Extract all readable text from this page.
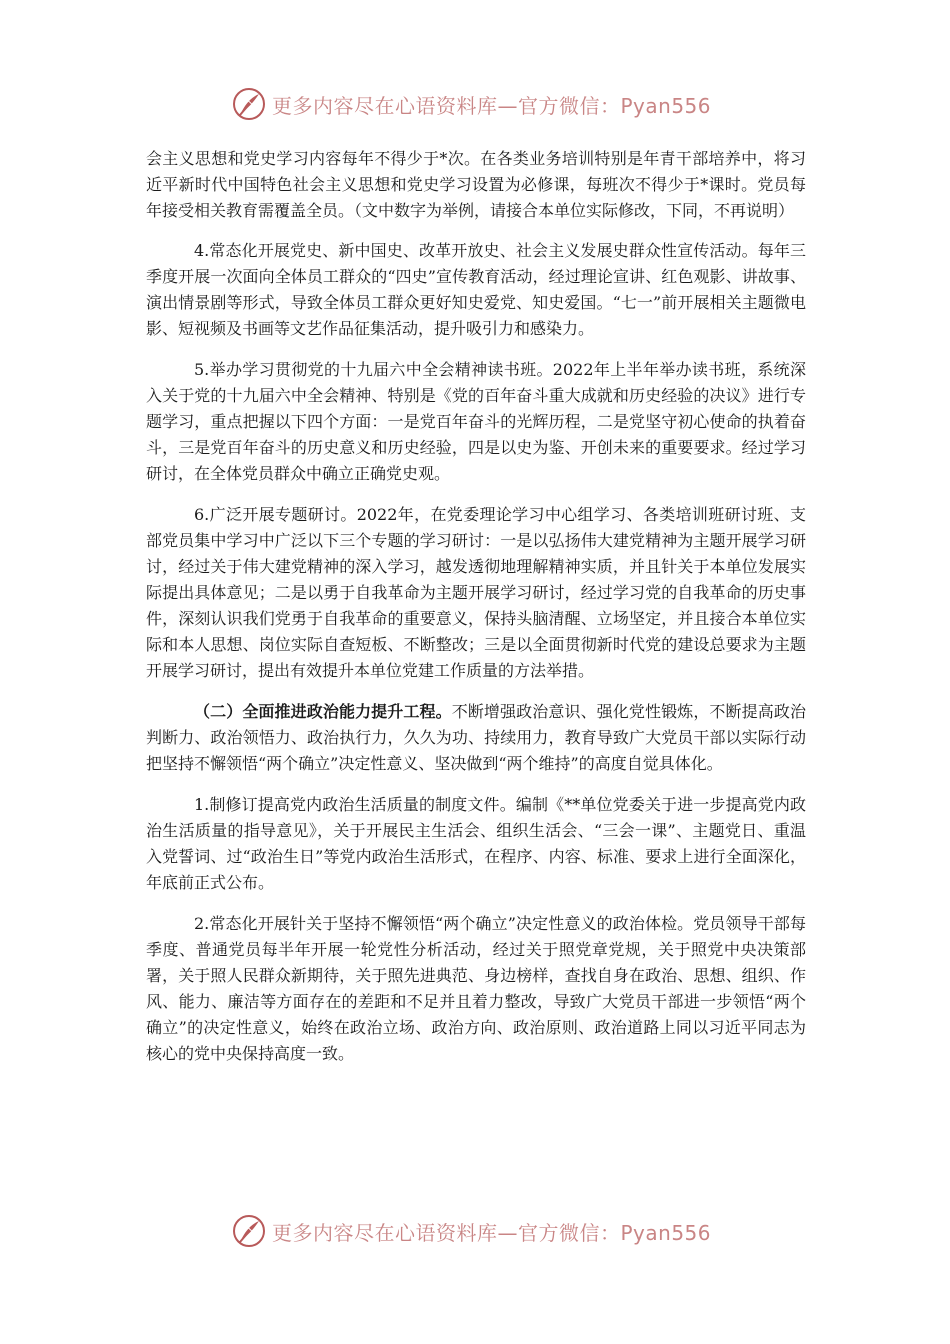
更多内容尽在心语资料库—官方微信：Pyan556

会主义思想和党史学习内容每年不得少于*次。在各类业务培训特别是年青干部培养中，将习近平新时代中国特色社会主义思想和党史学习设置为必修课，每班次不得少于*课时。党员每年接受相关教育需覆盖全员。（文中数字为举例，请接合本单位实际修改，下同，不再说明）

4.常态化开展党史、新中国史、改革开放史、社会主义发展史群众性宣传活动。每年三季度开展一次面向全体员工群众的“四史”宣传教育活动，经过理论宣讲、红色观影、讲故事、演出情景剧等形式，导致全体员工群众更好知史爱党、知史爱国。“七一”前开展相关主题微电影、短视频及书画等文艺作品征集活动，提升吸引力和感染力。

5.举办学习贯彻党的十九届六中全会精神读书班。2022年上半年举办读书班，系统深入关于党的十九届六中全会精神、特别是《党的百年奋斗重大成就和历史经验的决议》进行专题学习，重点把握以下四个方面：一是党百年奋斗的光辉历程，二是党坚守初心使命的执着奋斗，三是党百年奋斗的历史意义和历史经验，四是以史为鉴、开创未来的重要要求。经过学习研讨，在全体党员群众中确立正确党史观。

6.广泛开展专题研讨。2022年，在党委理论学习中心组学习、各类培训班研讨班、支部党员集中学习中广泛以下三个专题的学习研讨：一是以弘扬伟大建党精神为主题开展学习研讨，经过关于伟大建党精神的深入学习，越发透彻地理解精神实质，并且针关于本单位发展实际提出具体意见；二是以勇于自我革命为主题开展学习研讨，经过学习党的自我革命的历史事件，深刻认识我们党勇于自我革命的重要意义，保持头脑清醒、立场坚定，并且接合本单位实际和本人思想、岗位实际自查短板、不断整改；三是以全面贯彻新时代党的建设总要求为主题开展学习研讨，提出有效提升本单位党建工作质量的方法举措。

（二）全面推进政治能力提升工程。不断增强政治意识、强化党性锻炼，不断提高政治判断力、政治领悟力、政治执行力，久久为功、持续用力，教育导致广大党员干部以实际行动把坚持不懈领悟“两个确立”决定性意义、坚决做到“两个维持”的高度自觉具体化。

1.制修订提高党内政治生活质量的制度文件。编制《**单位党委关于进一步提高党内政治生活质量的指导意见》，关于开展民主生活会、组织生活会、“三会一课”、主题党日、重温入党誓词、过“政治生日”等党内政治生活形式，在程序、内容、标准、要求上进行全面深化，年底前正式公布。

2.常态化开展针关于坚持不懈领悟“两个确立”决定性意义的政治体检。党员领导干部每季度、普通党员每半年开展一轮党性分析活动，经过关于照党章党规，关于照党中央决策部署，关于照人民群众新期待，关于照先进典范、身边榜样，查找自身在政治、思想、组织、作风、能力、廉洁等方面存在的差距和不足并且着力整改，导致广大党员干部进一步领悟“两个确立”的决定性意义，始终在政治立场、政治方向、政治原则、政治道路上同以习近平同志为核心的党中央保持高度一致。

更多内容尽在心语资料库—官方微信：Pyan556
